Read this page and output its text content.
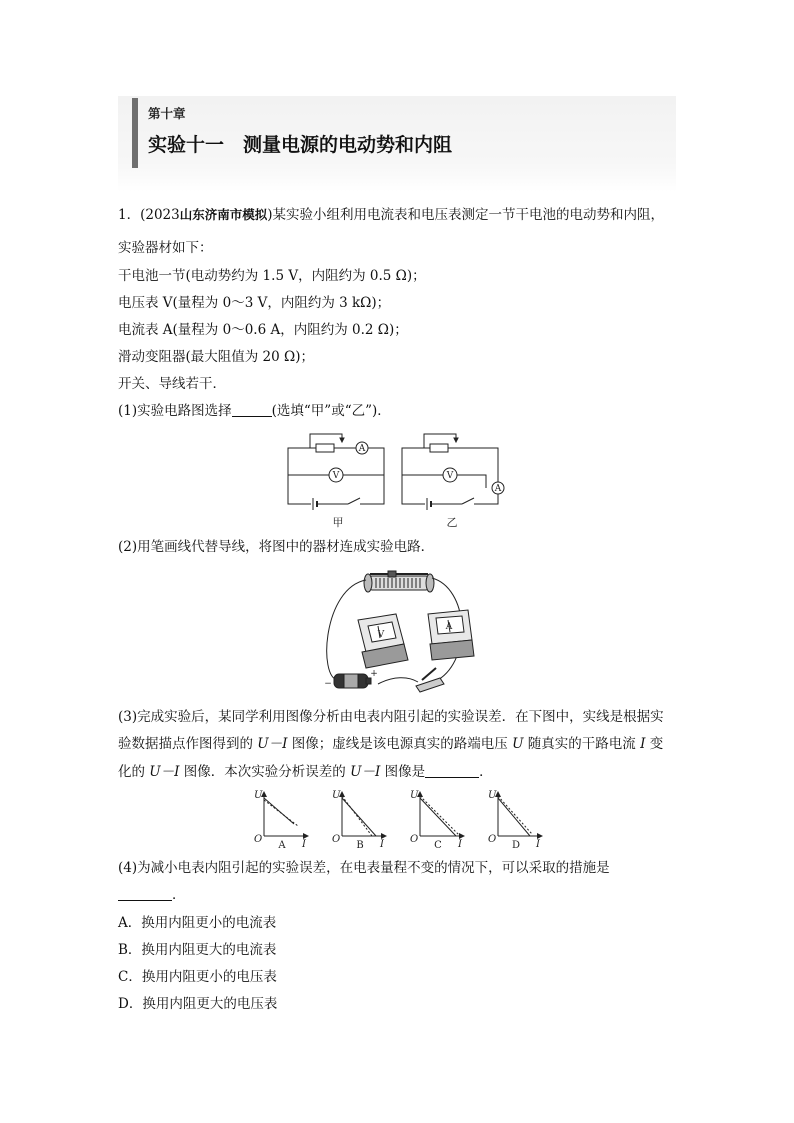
第十章
实验十一　测量电源的电动势和内阻
1．(2023山东济南市模拟)某实验小组利用电流表和电压表测定一节干电池的电动势和内阻，
实验器材如下：
干电池一节(电动势约为 1.5 V，内阻约为 0.5 Ω)；
电压表 V(量程为 0～3 V，内阻约为 3 kΩ)；
电流表 A(量程为 0～0.6 A，内阻约为 0.2 Ω)；
滑动变阻器(最大阻值为 20 Ω)；
开关、导线若干．
(1)实验电路图选择	(选填“甲”或“乙”)．
A
V	V
A
甲	乙
(2)用笔画线代替导线，将图中的器材连成实验电路．
V
A
−
+
(3)完成实验后，某同学利用图像分析由电表内阻引起的实验误差．在下图中，实线是根据实
验数据描点作图得到的 U－I 图像；虚线是该电源真实的路端电压 U 随真实的干路电流 I 变
化的 U－I 图像．本次实验分析误差的 U－I 图像是	．
U
O	I
U
O	I
U
O	I
U
O	I
A	B	C	D
(4)为减小电表内阻引起的实验误差，在电表量程不变的情况下，可以采取的措施是
．
A．换用内阻更小的电流表
B．换用内阻更大的电流表
C．换用内阻更小的电压表
D．换用内阻更大的电压表
